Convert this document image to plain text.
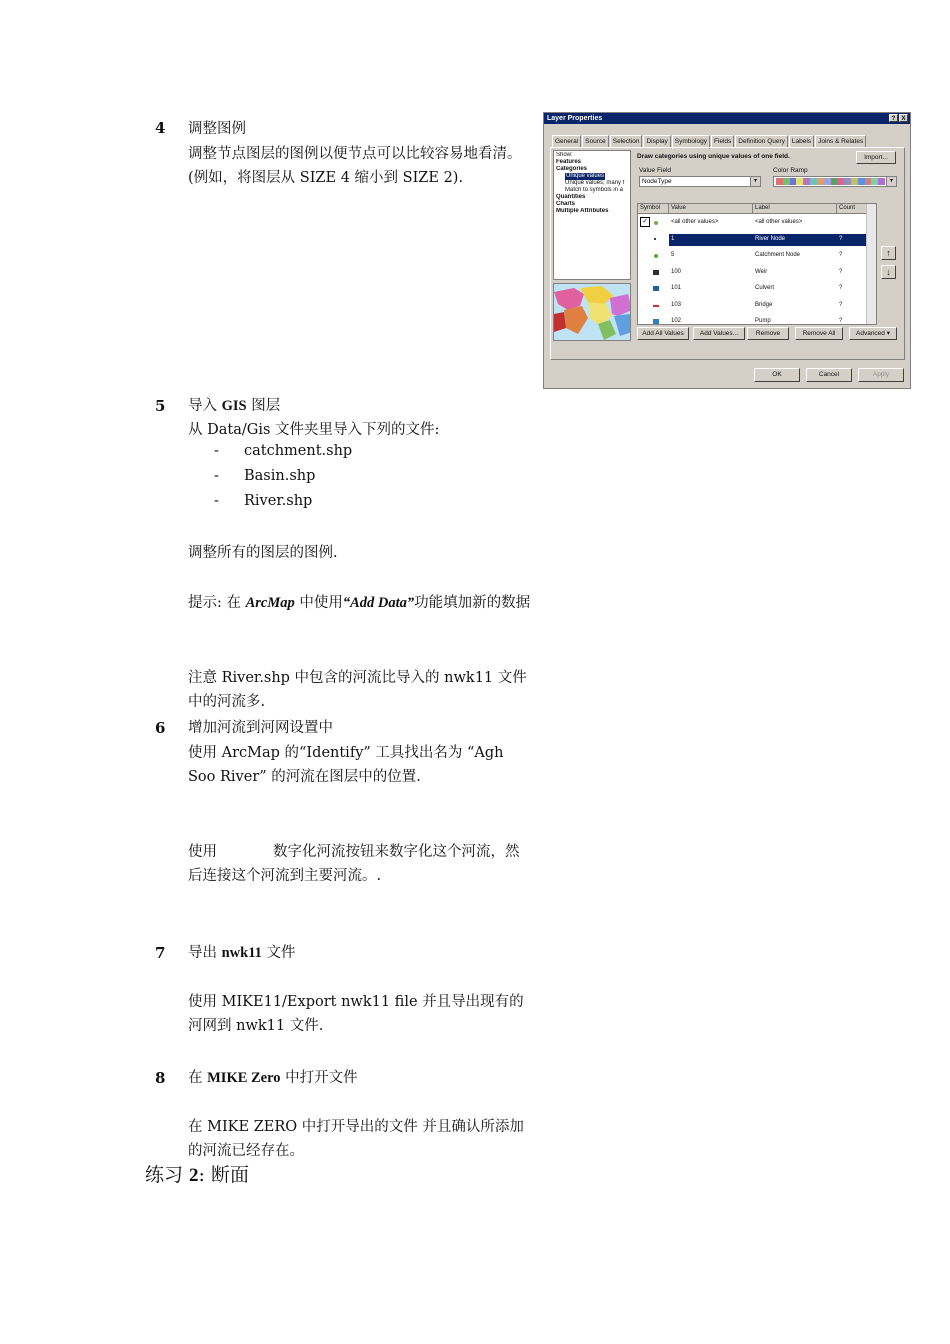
4 调整图例
调整节点图层的图例以便节点可以比较容易地看清。(例如，将图层从 SIZE 4 缩小到 SIZE 2).
Layer Properties	?	X
General Source Selection Display Symbology Fields Definition Query Labels Joins & Relates
Show:
Features
Categories
Unique values
Unique values, many f
Match to symbols in a
Quantities
Charts
Multiple Attributes
Draw categories using unique values of one field.	Import...
Value Field
NodeType	▾
Color Ramp
▾
Symbol	Value	Label	Count
✓	<all other values>	<all other values>
1	River Node	?
5	Catchment Node	?
100	Weir	?
101	Culvert	?
103	Bridge	?
102	Pump	?
↑
↓
Add All Values	Add Values...	Remove	Remove All	Advanced ▾
OK	Cancel	Apply
5 导入 GIS 图层
从 Data/Gis 文件夹里导入下列的文件:
- catchment.shp
- Basin.shp
- River.shp
调整所有的图层的图例.
提示: 在 ArcMap 中使用“Add Data”功能填加新的数据
注意 River.shp 中包含的河流比导入的 nwk11 文件中的河流多.
6 增加河流到河网设置中
使用 ArcMap 的“Identify” 工具找出名为 “Agh Soo River” 的河流在图层中的位置.
使用	数字化河流按钮来数字化这个河流，然后连接这个河流到主要河流。.
7 导出 nwk11 文件
使用 MIKE11/Export nwk11 file 并且导出现有的河网到 nwk11 文件.
8 在 MIKE Zero 中打开文件
在 MIKE ZERO 中打开导出的文件 并且确认所添加的河流已经存在。
练习 2: 断面
